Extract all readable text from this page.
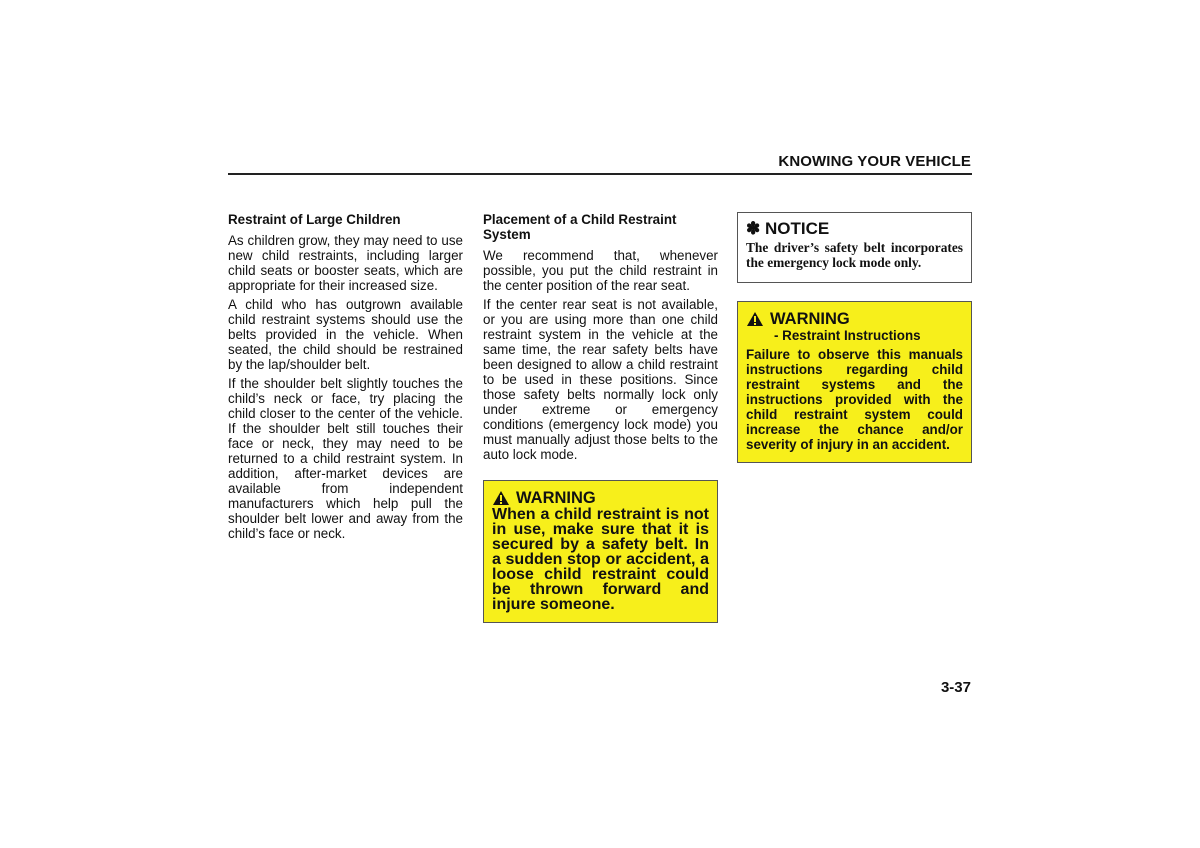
KNOWING YOUR VEHICLE
Restraint of Large Children

As children grow, they may need to use new child restraints, including larger child seats or booster seats, which are appropriate for their increased size.

A child who has outgrown available child restraint systems should use the belts provided in the vehicle. When seated, the child should be restrained by the lap/shoulder belt.

If the shoulder belt slightly touches the child’s neck or face, try placing the child closer to the center of the vehicle. If the shoulder belt still touches their face or neck, they may need to be returned to a child restraint system. In addition, after-market devices are available from independent manufacturers which help pull the shoulder belt lower and away from the child’s face or neck.

Placement of a Child Restraint System

We recommend that, whenever possible, you put the child restraint in the center position of the rear seat.

If the center rear seat is not available, or you are using more than one child restraint system in the vehicle at the same time, the rear safety belts have been designed to allow a child restraint to be used in these positions. Since those safety belts normally lock only under extreme or emergency conditions (emergency lock mode) you must manually adjust those belts to the auto lock mode.

WARNING
When a child restraint is not in use, make sure that it is secured by a safety belt. In a sudden stop or accident, a loose child restraint could be thrown forward and injure someone.
✽ NOTICE
The driver’s safety belt incorporates the emergency lock mode only.
WARNING
- Restraint Instructions
Failure to observe this manuals instructions regarding child restraint systems and the instructions provided with the child restraint system could increase the chance and/or severity of injury in an accident.
3-37
